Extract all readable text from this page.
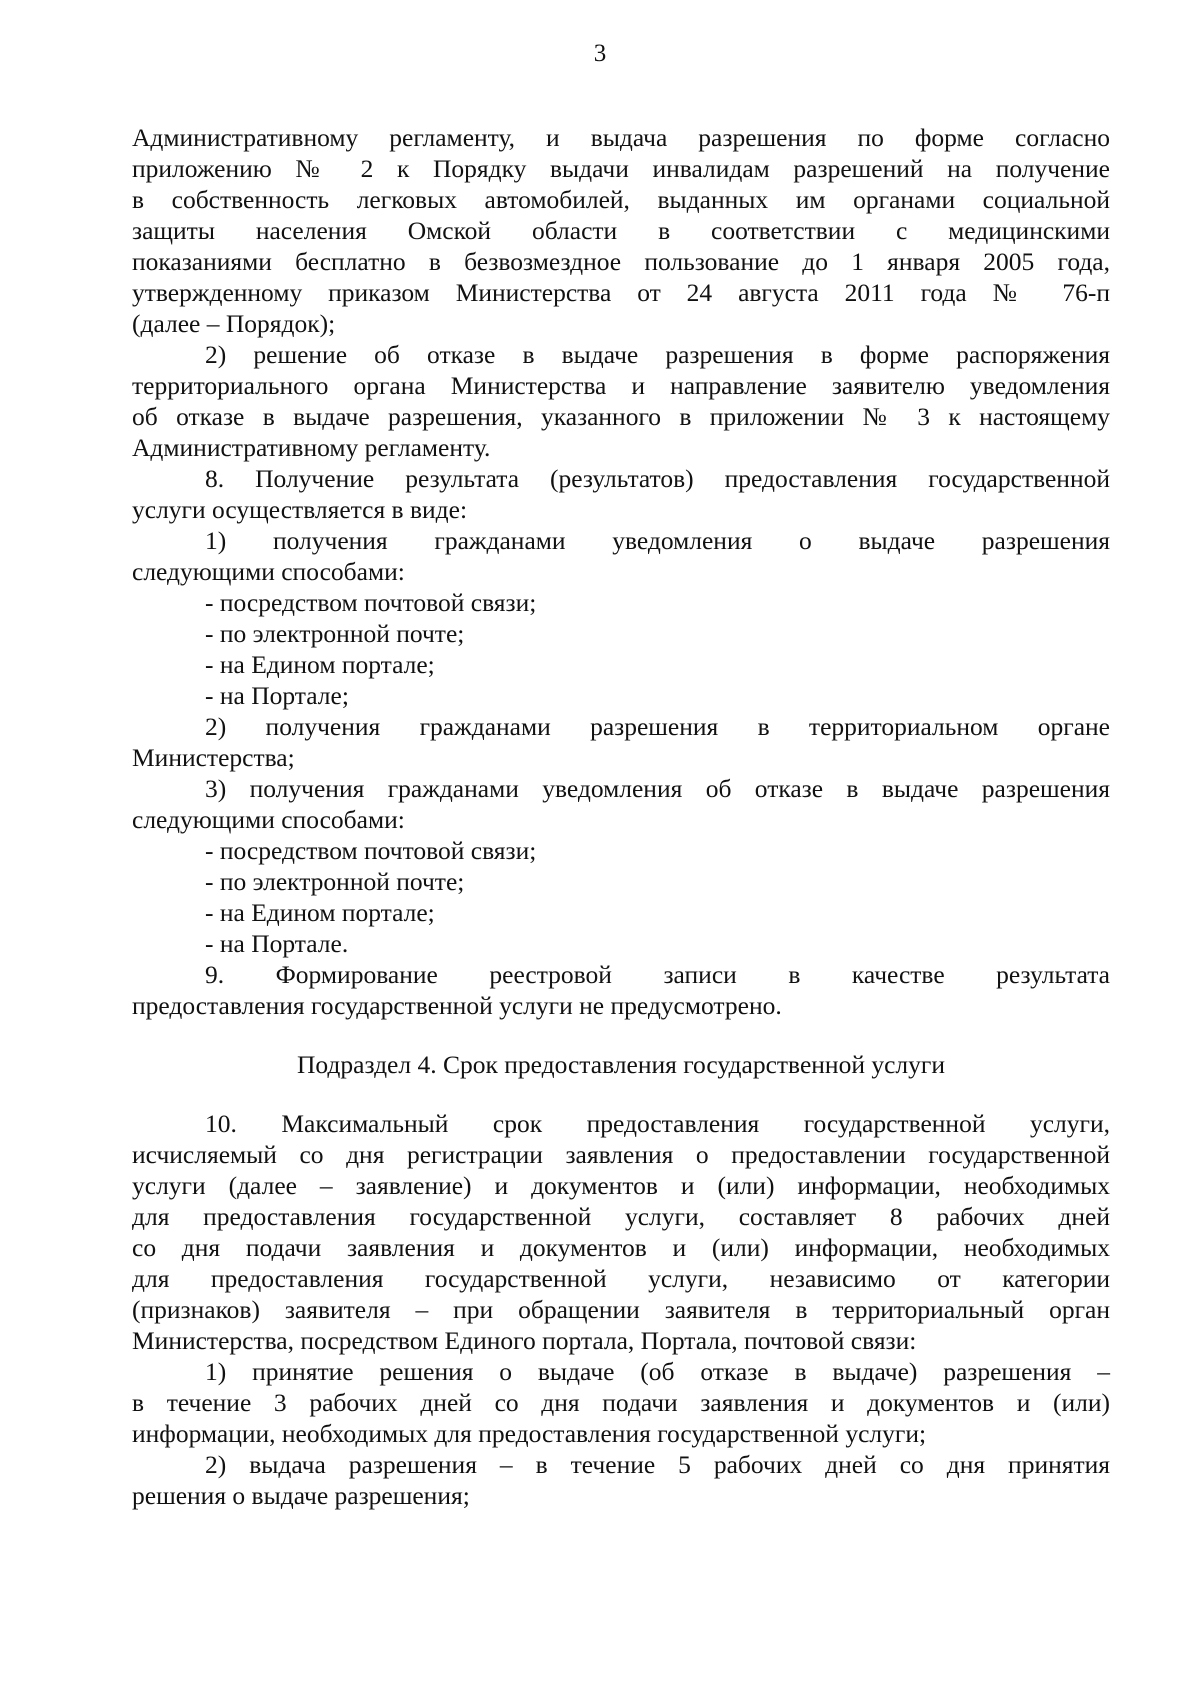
3
Административному регламенту, и выдача разрешения по форме согласно
приложению № 2 к Порядку выдачи инвалидам разрешений на получение
в собственность легковых автомобилей, выданных им органами социальной
защиты населения Омской области в соответствии с медицинскими
показаниями бесплатно в безвозмездное пользование до 1 января 2005 года,
утвержденному приказом Министерства от 24 августа 2011 года № 76-п
(далее – Порядок);
2) решение об отказе в выдаче разрешения в форме распоряжения
территориального органа Министерства и направление заявителю уведомления
об отказе в выдаче разрешения, указанного в приложении № 3 к настоящему
Административному регламенту.
8. Получение результата (результатов) предоставления государственной
услуги осуществляется в виде:
1) получения гражданами уведомления о выдаче разрешения
следующими способами:
- посредством почтовой связи;
- по электронной почте;
- на Едином портале;
- на Портале;
2) получения гражданами разрешения в территориальном органе
Министерства;
3) получения гражданами уведомления об отказе в выдаче разрешения
следующими способами:
- посредством почтовой связи;
- по электронной почте;
- на Едином портале;
- на Портале.
9. Формирование реестровой записи в качестве результата
предоставления государственной услуги не предусмотрено.
Подраздел 4. Срок предоставления государственной услуги
10. Максимальный срок предоставления государственной услуги,
исчисляемый со дня регистрации заявления о предоставлении государственной
услуги (далее – заявление) и документов и (или) информации, необходимых
для предоставления государственной услуги, составляет 8 рабочих дней
со дня подачи заявления и документов и (или) информации, необходимых
для предоставления государственной услуги, независимо от категории
(признаков) заявителя – при обращении заявителя в территориальный орган
Министерства, посредством Единого портала, Портала, почтовой связи:
1) принятие решения о выдаче (об отказе в выдаче) разрешения –
в течение 3 рабочих дней со дня подачи заявления и документов и (или)
информации, необходимых для предоставления государственной услуги;
2) выдача разрешения – в течение 5 рабочих дней со дня принятия
решения о выдаче разрешения;
